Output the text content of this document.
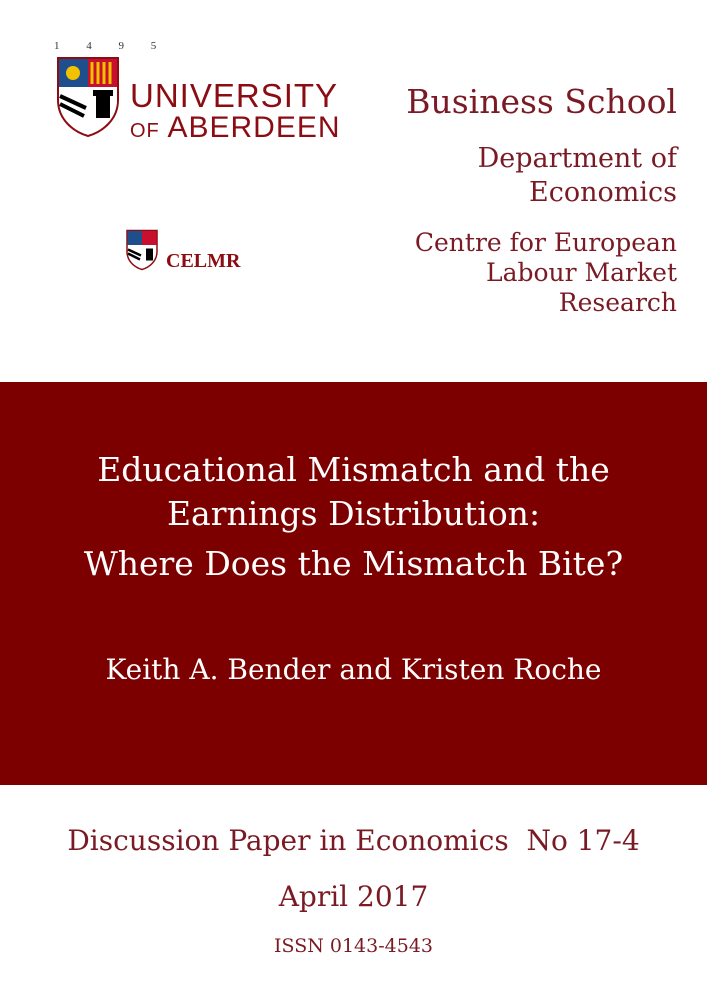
1 4 9 5
UNIVERSITY
OF ABERDEEN
CELMR
Business School
Department of
Economics
Centre for European
Labour Market
Research
Educational Mismatch and the
Earnings Distribution:
Where Does the Mismatch Bite?
Keith A. Bender and Kristen Roche
Discussion Paper in Economics  No 17-4
April 2017
ISSN 0143-4543
